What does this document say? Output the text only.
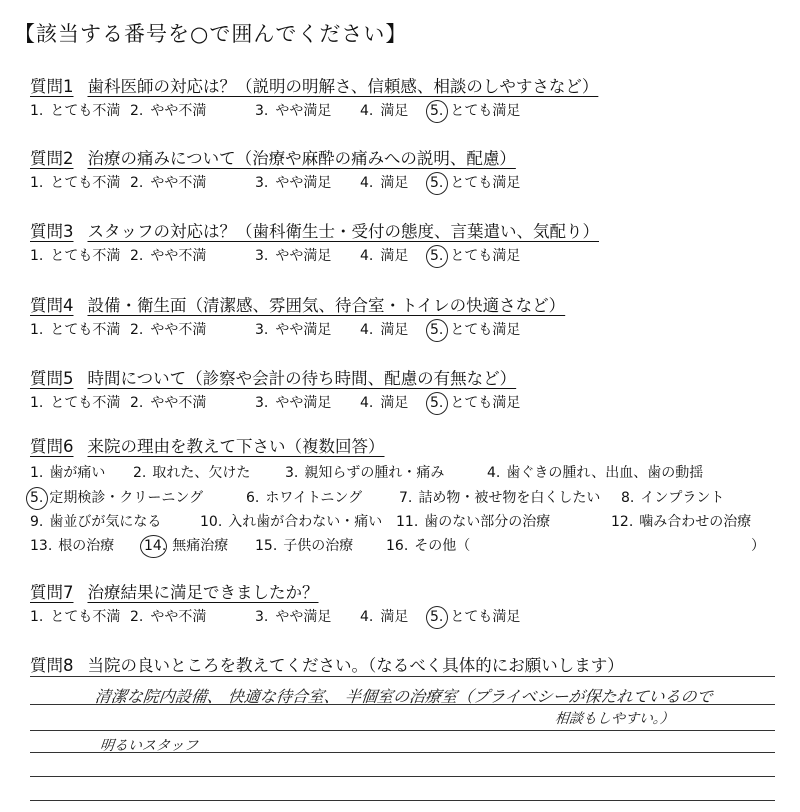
【該当する番号を○で囲んでください】
質問1 歯科医師の対応は？（説明の明解さ、信頼感、相談のしやすさなど）
1. とても不満 2. やや不満	3. やや満足 4. 満足 5. とても満足
質問2 治療の痛みについて（治療や麻酔の痛みへの説明、配慮）
1. とても不満 2. やや不満	3. やや満足 4. 満足 5. とても満足
質問3 スタッフの対応は？（歯科衛生士・受付の態度、言葉遣い、気配り）
1. とても不満 2. やや不満	3. やや満足 4. 満足 5. とても満足
質問4 設備・衛生面（清潔感、雰囲気、待合室・トイレの快適さなど）
1. とても不満 2. やや不満	3. やや満足 4. 満足 5. とても満足
質問5 時間について（診察や会計の待ち時間、配慮の有無など）
1. とても不満 2. やや不満	3. やや満足 4. 満足 5. とても満足
質問6 来院の理由を教えて下さい（複数回答）
1. 歯が痛い 2. 取れた、欠けた 3. 親知らずの腫れ・痛み	4. 歯ぐきの腫れ、出血、歯の動揺
5. 定期検診・クリーニング	6. ホワイトニング	7. 詰め物・被せ物を白くしたい 8. インプラント
9. 歯並びが気になる	10. 入れ歯が合わない・痛い 11. 歯のない部分の治療	12. 噛み合わせの治療
13. 根の治療 14. 無痛治療 15. 子供の治療 16. その他（	）
質問7 治療結果に満足できましたか？
1. とても不満 2. やや不満	3. やや満足 4. 満足 5. とても満足
質問8 当院の良いところを教えてください。（なるべく具体的にお願いします）
清潔な院内設備、 快適な待合室、 半個室の治療室（プライベシーが保たれているので
相談もしやすい。）
明るいスタッフ
